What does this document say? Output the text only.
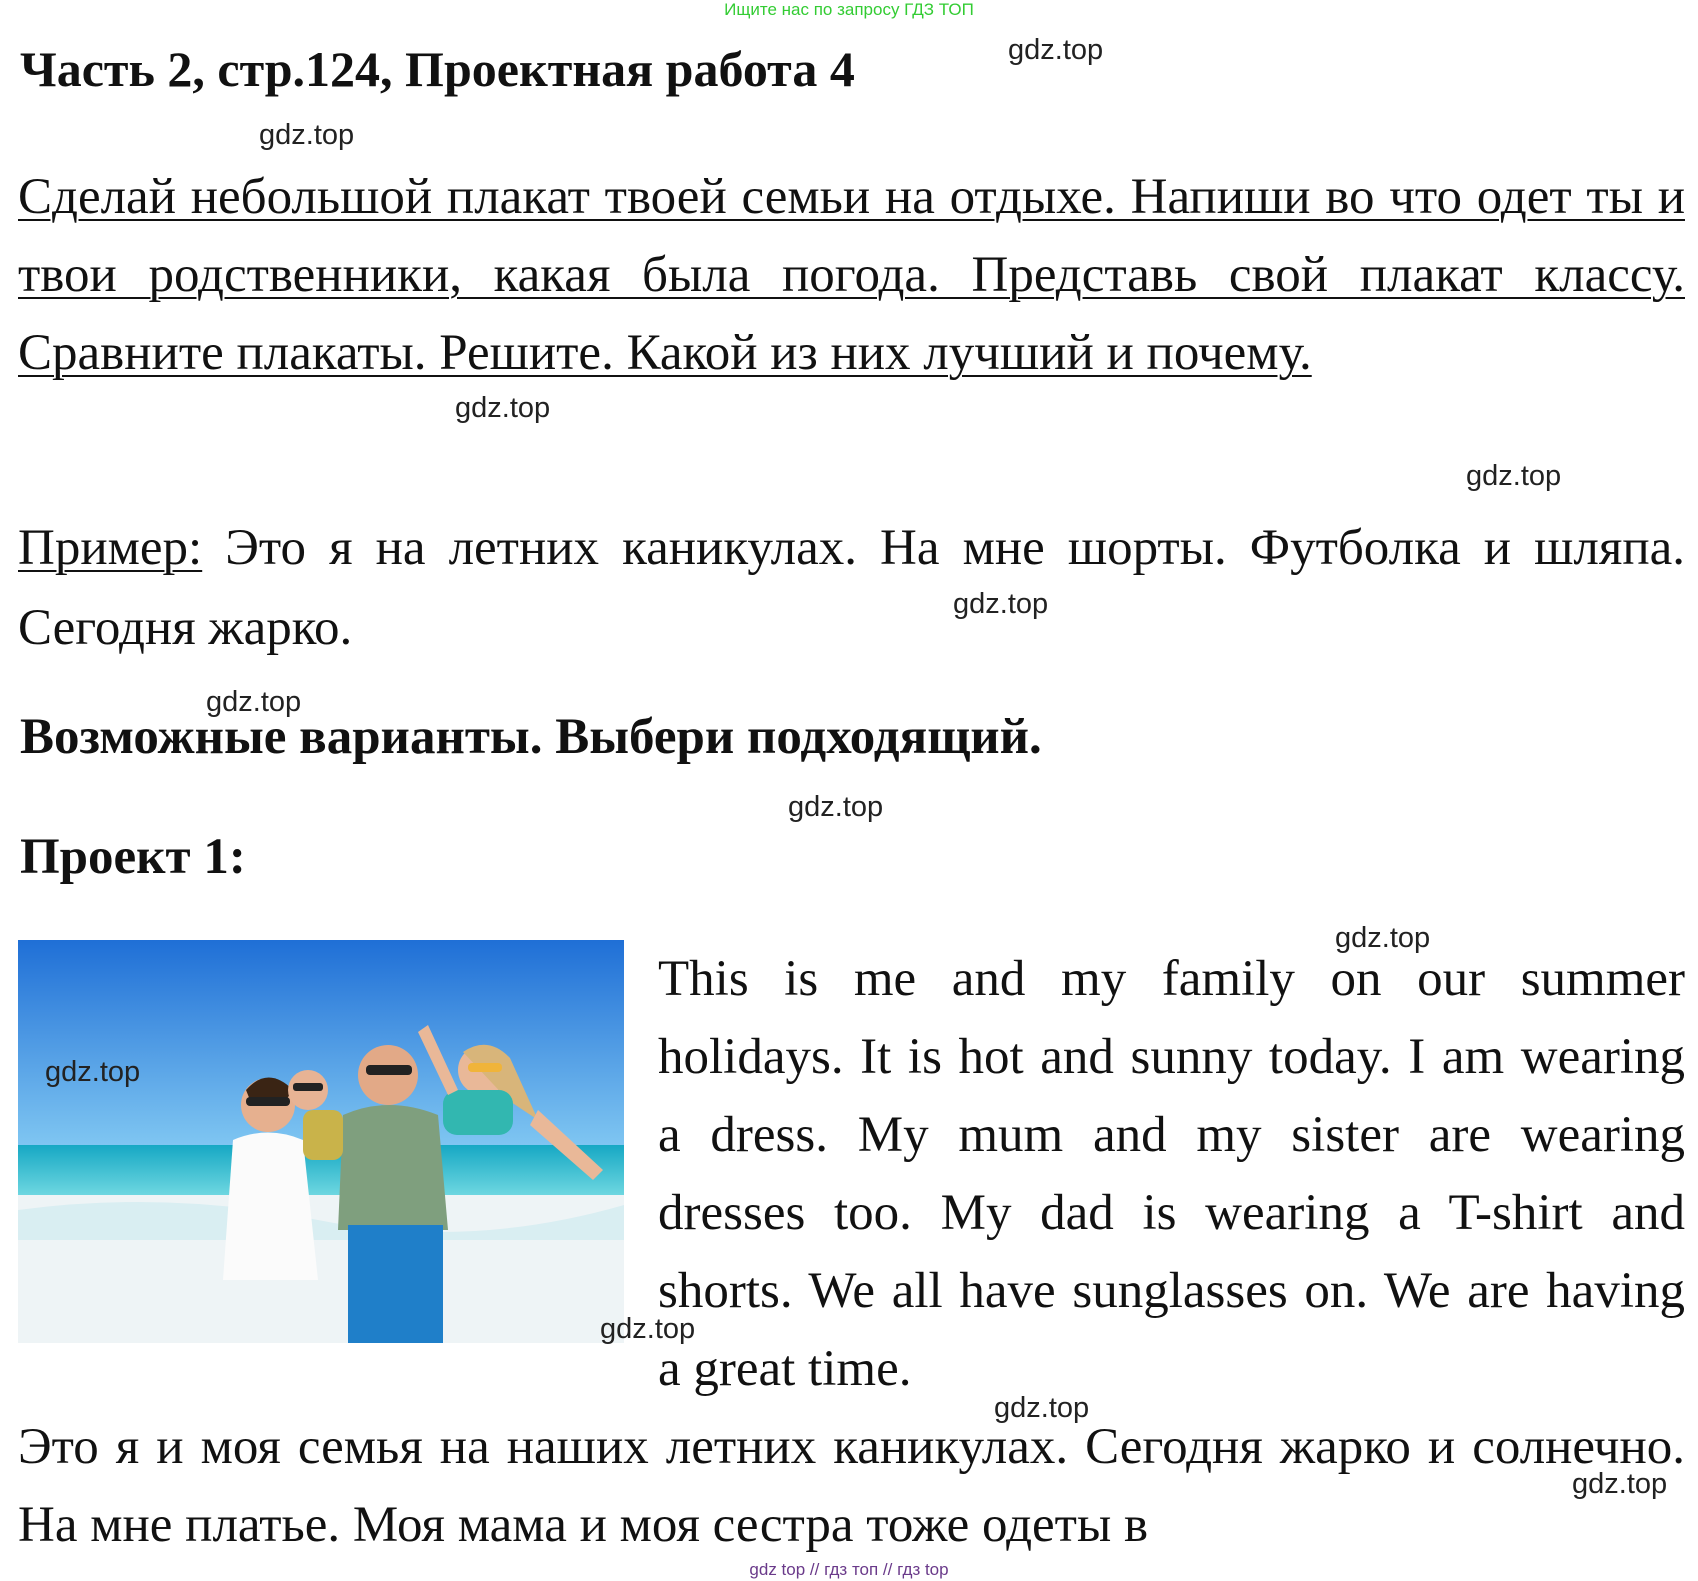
Ищите нас по запросу ГДЗ ТОП
Часть 2, стр.124, Проектная работа 4
Сделай небольшой плакат твоей семьи на отдыхе. Напиши во что одет ты и твои родственники, какая была погода. Представь свой плакат классу. Сравните плакаты. Решите. Какой из них лучший и почему.
Пример: Это я на летних каникулах. На мне шорты. Футболка и шляпа. Сегодня жарко.
Возможные варианты. Выбери подходящий.
Проект 1:
This is me and my family on our summer holidays. It is hot and sunny today. I am wearing a dress. My mum and my sister are wearing dresses too. My dad is wearing a T-shirt and shorts. We all have sunglasses on. We are having a great time.
Это я и моя семья на наших летних каникулах. Сегодня жарко и солнечно. На мне платье. Моя мама и моя сестра тоже одеты в
gdz top // гдз топ // гдз top
gdz.top
gdz.top
gdz.top
gdz.top
gdz.top
gdz.top
gdz.top
gdz.top
gdz.top
gdz.top
gdz.top
gdz.top
